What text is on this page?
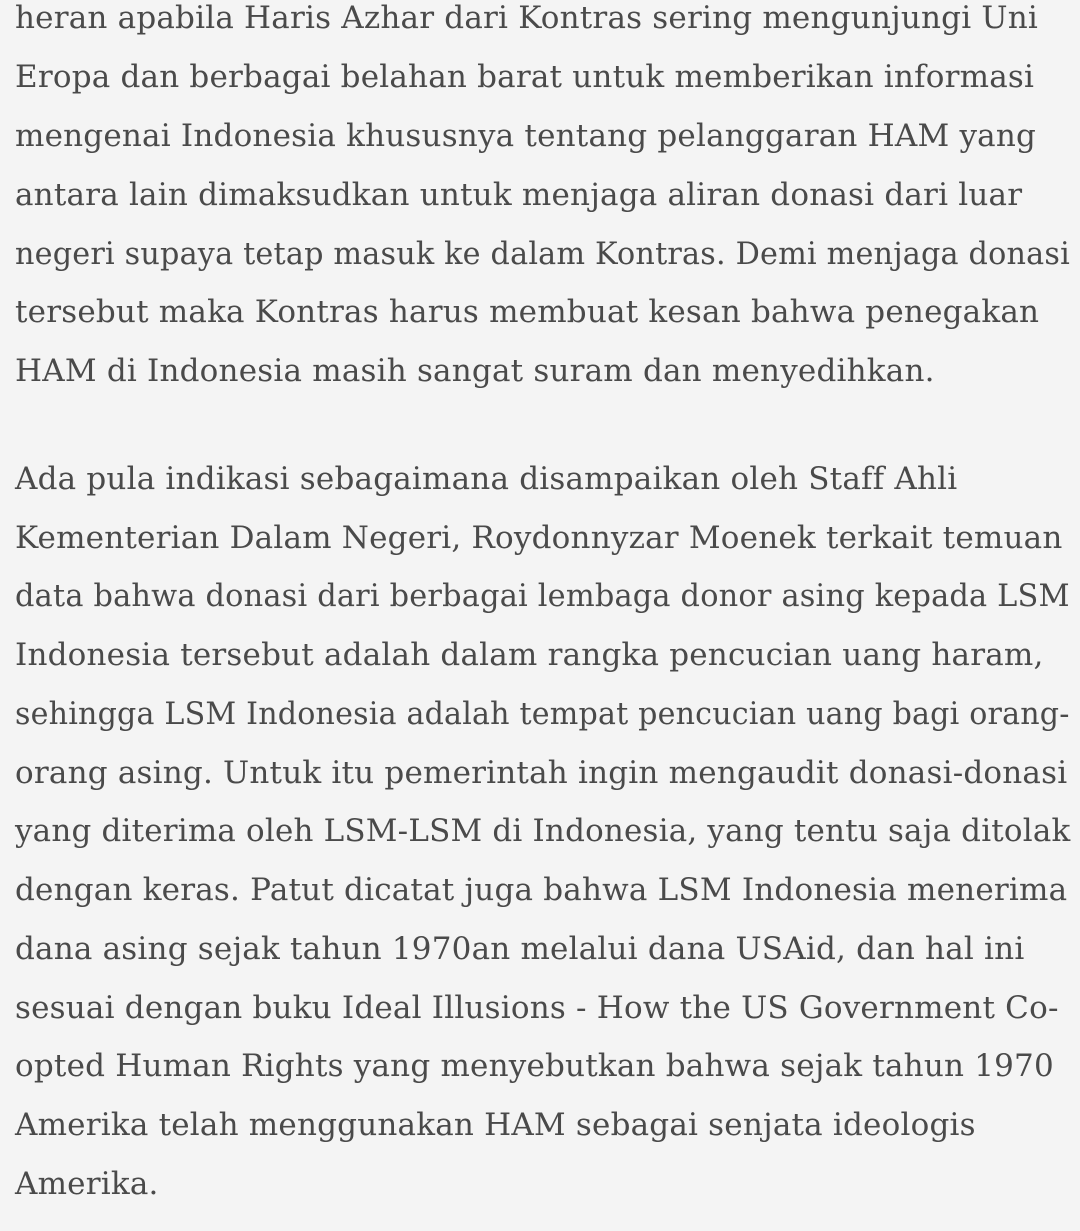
heran apabila Haris Azhar dari Kontras sering mengunjungi Uni
Eropa dan berbagai belahan barat untuk memberikan informasi
mengenai Indonesia khususnya tentang pelanggaran HAM yang
antara lain dimaksudkan untuk menjaga aliran donasi dari luar
negeri supaya tetap masuk ke dalam Kontras. Demi menjaga donasi
tersebut maka Kontras harus membuat kesan bahwa penegakan
HAM di Indonesia masih sangat suram dan menyedihkan.
Ada pula indikasi sebagaimana disampaikan oleh Staff Ahli
Kementerian Dalam Negeri, Roydonnyzar Moenek terkait temuan
data bahwa donasi dari berbagai lembaga donor asing kepada LSM
Indonesia tersebut adalah dalam rangka pencucian uang haram,
sehingga LSM Indonesia adalah tempat pencucian uang bagi orang-
orang asing. Untuk itu pemerintah ingin mengaudit donasi-donasi
yang diterima oleh LSM-LSM di Indonesia, yang tentu saja ditolak
dengan keras. Patut dicatat juga bahwa LSM Indonesia menerima
dana asing sejak tahun 1970an melalui dana USAid, dan hal ini
sesuai dengan buku Ideal Illusions - How the US Government Co-
opted Human Rights yang menyebutkan bahwa sejak tahun 1970
Amerika telah menggunakan HAM sebagai senjata ideologis
Amerika.
